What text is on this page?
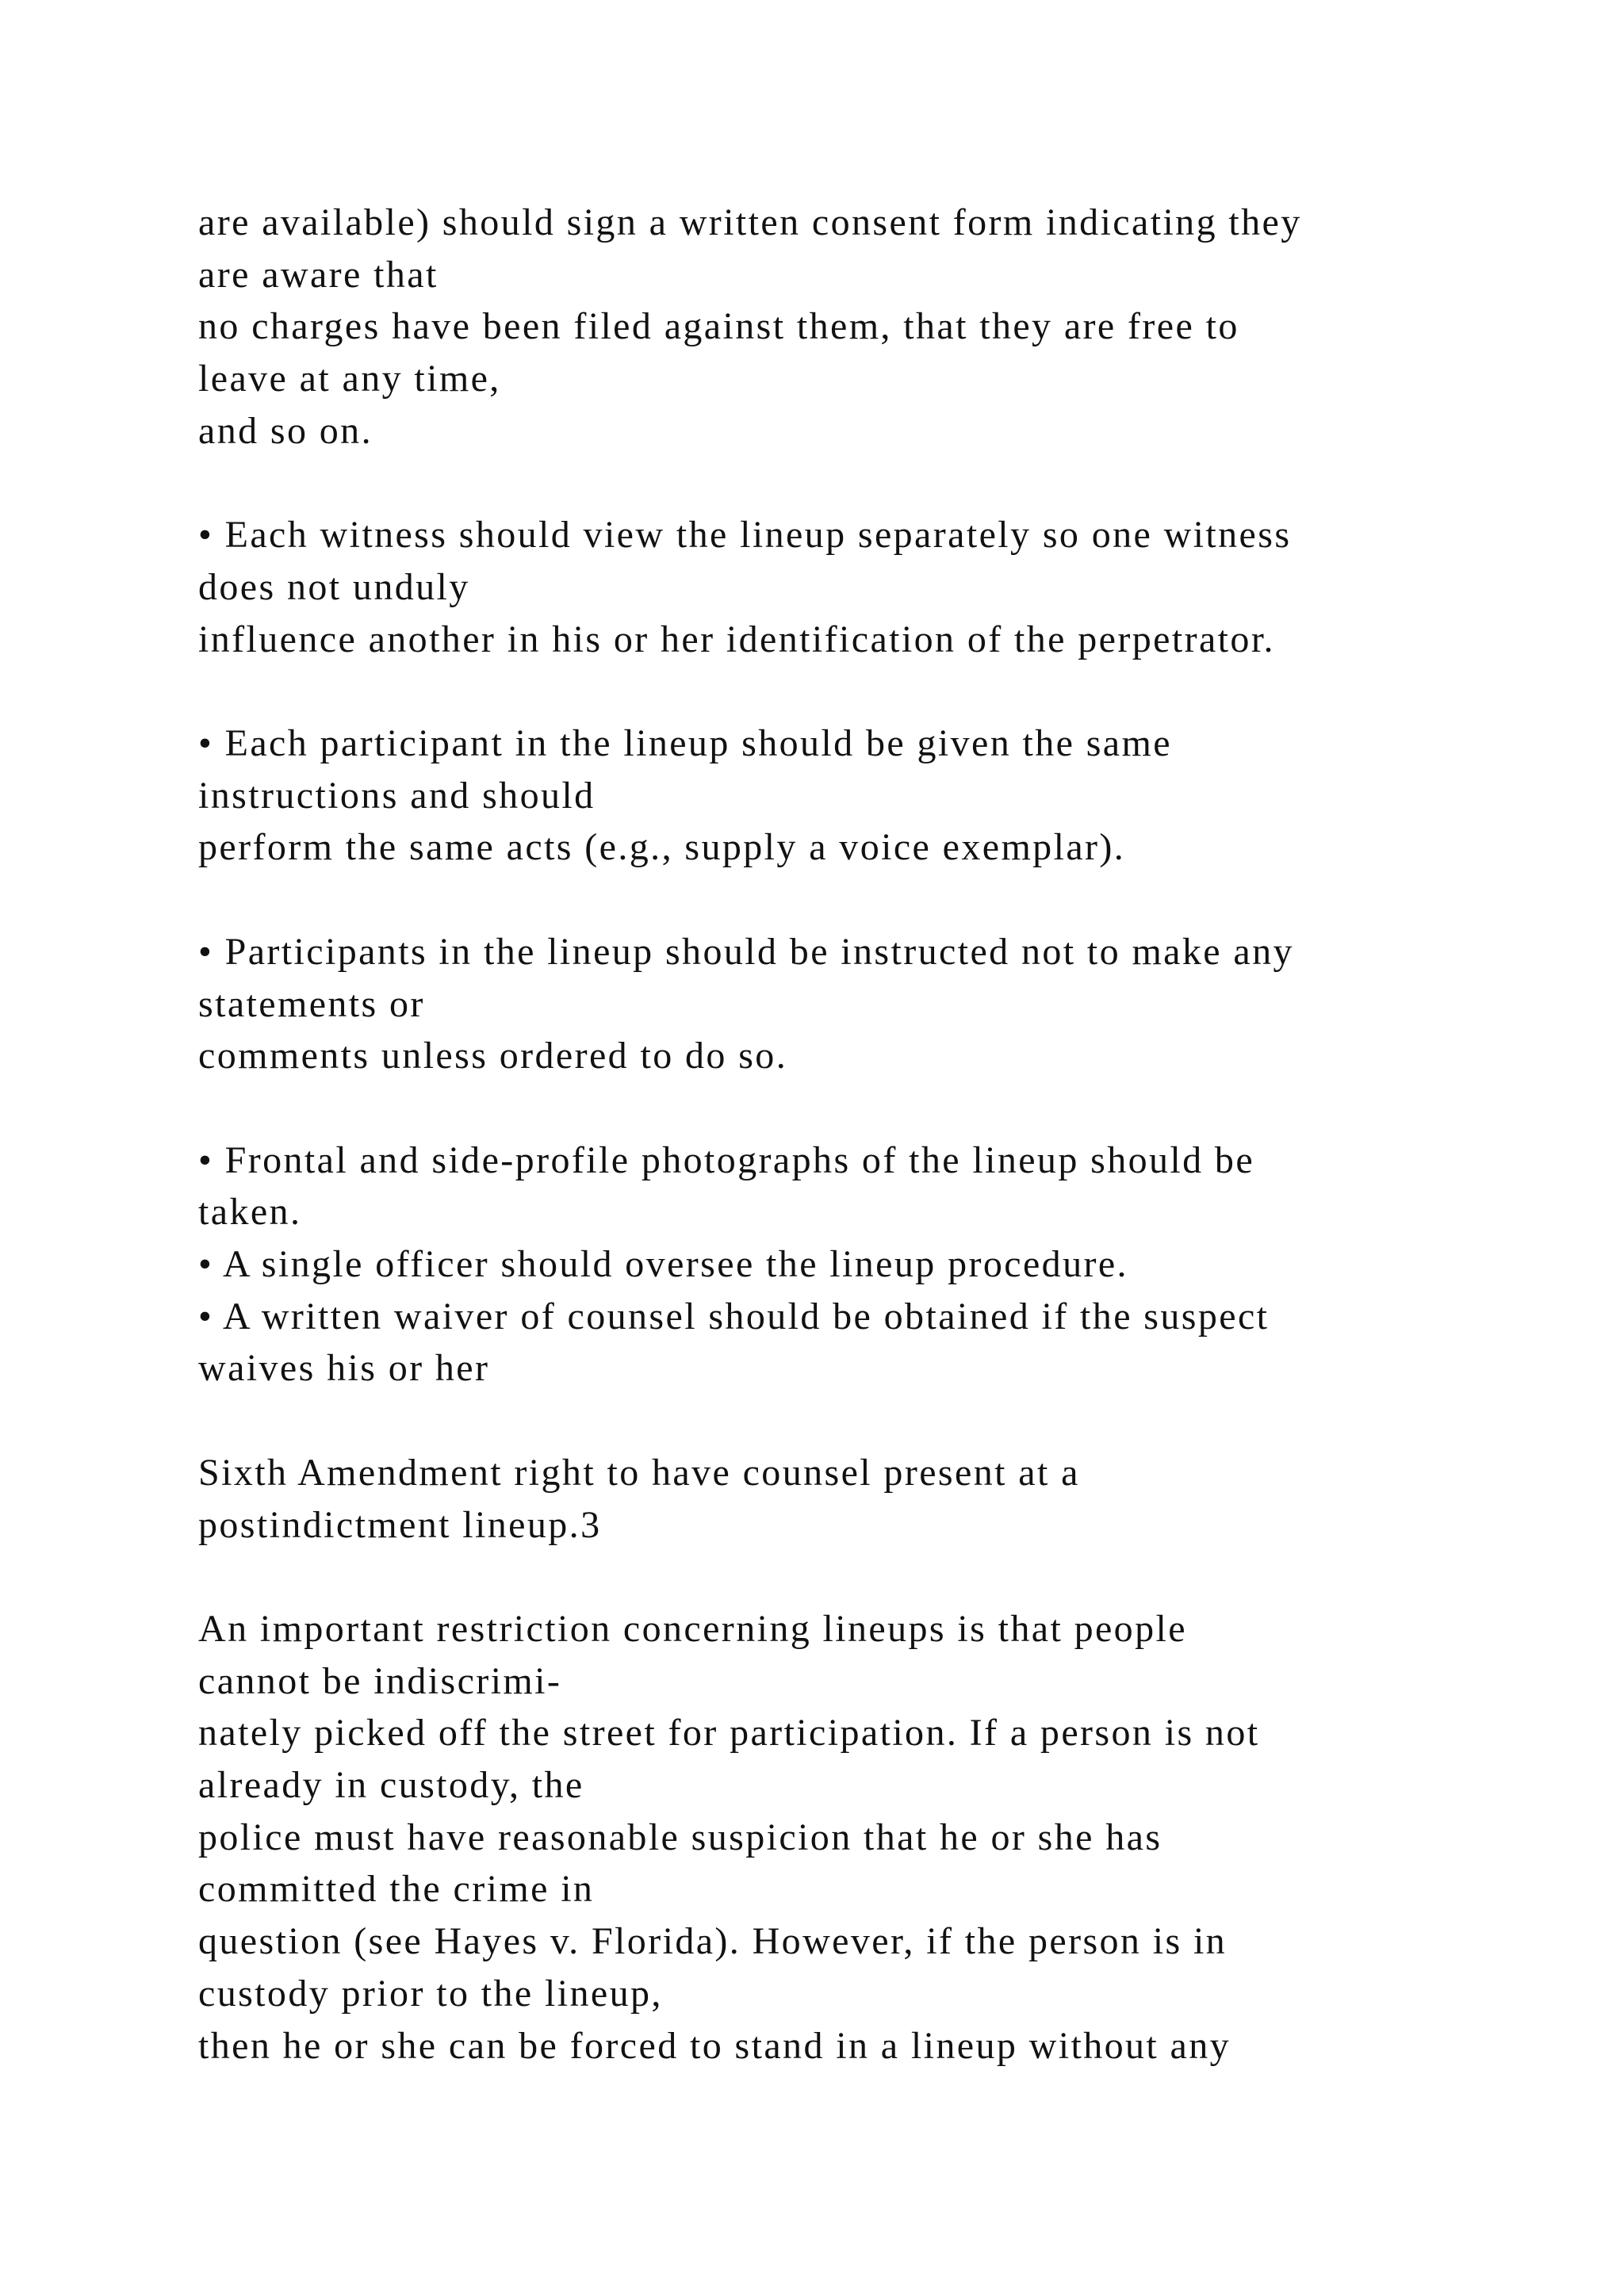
are available) should sign a written consent form indicating they
are aware that
no charges have been filed against them, that they are free to
leave at any time,
and so on.
• Each witness should view the lineup separately so one witness
does not unduly
influence another in his or her identification of the perpetrator.
• Each participant in the lineup should be given the same
instructions and should
perform the same acts (e.g., supply a voice exemplar).
• Participants in the lineup should be instructed not to make any
statements or
comments unless ordered to do so.
• Frontal and side-profile photographs of the lineup should be
taken.
• A single officer should oversee the lineup procedure.
• A written waiver of counsel should be obtained if the suspect
waives his or her
Sixth Amendment right to have counsel present at a
postindictment lineup.3
An important restriction concerning lineups is that people
cannot be indiscrimi-
nately picked off the street for participation. If a person is not
already in custody, the
police must have reasonable suspicion that he or she has
committed the crime in
question (see Hayes v. Florida). However, if the person is in
custody prior to the lineup,
then he or she can be forced to stand in a lineup without any
